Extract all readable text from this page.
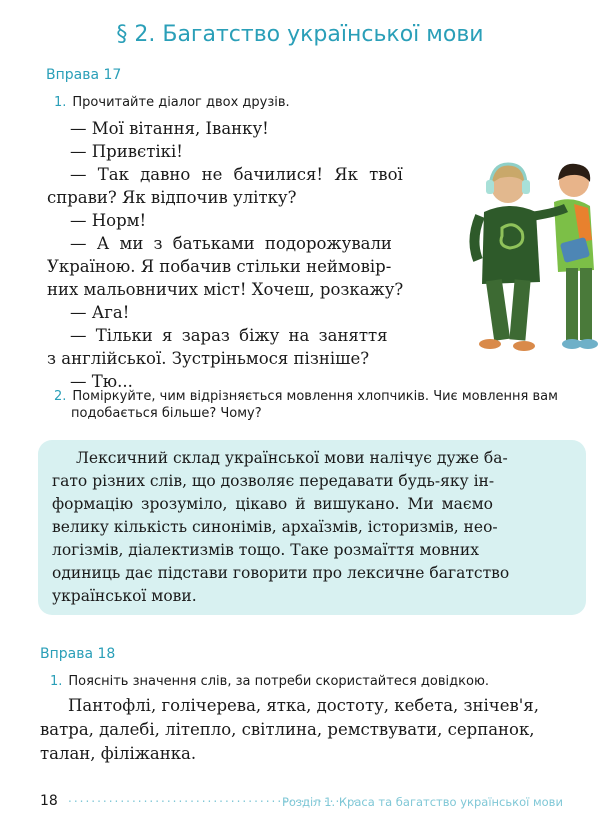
§ 2. Багатство української мови
Вправа 17
1. Прочитайте діалог двох друзів.
— Мої вітання, Іванку!
— Привєтікі!
— Так давно не бачилися! Як твої
справи? Як відпочив улітку?
— Норм!
— А ми з батьками подорожували
Україною. Я побачив стільки неймовір-
них мальовничих міст! Хочеш, розкажу?
— Ага!
— Тільки я зараз біжу на заняття
з англійської. Зустріньмося пізніше?
— Тю...
2. Поміркуйте, чим відрізняється мовлення хлопчиків. Чиє мовлення вам
подобається більше? Чому?
Лексичний склад української мови налічує дуже ба-
гато різних слів, що дозволяє передавати будь-яку ін-
формацію зрозуміло, цікаво й вишукано. Ми маємо
велику кількість синонімів, архаїзмів, історизмів, нео-
логізмів, діалектизмів тощо. Таке розмаїття мовних
одиниць дає підстави говорити про лексичне багатство
української мови.
Вправа 18
1. Поясніть значення слів, за потреби скористайтеся довідкою.
Пантофлі, голічерева, ятка, достоту, кебета, знічев'я,
ватра, далебі, літепло, світлина, ремствувати, серпанок,
талан, філіжанка.
18 ..................................................
Розділ 1. Краса та багатство української мови
